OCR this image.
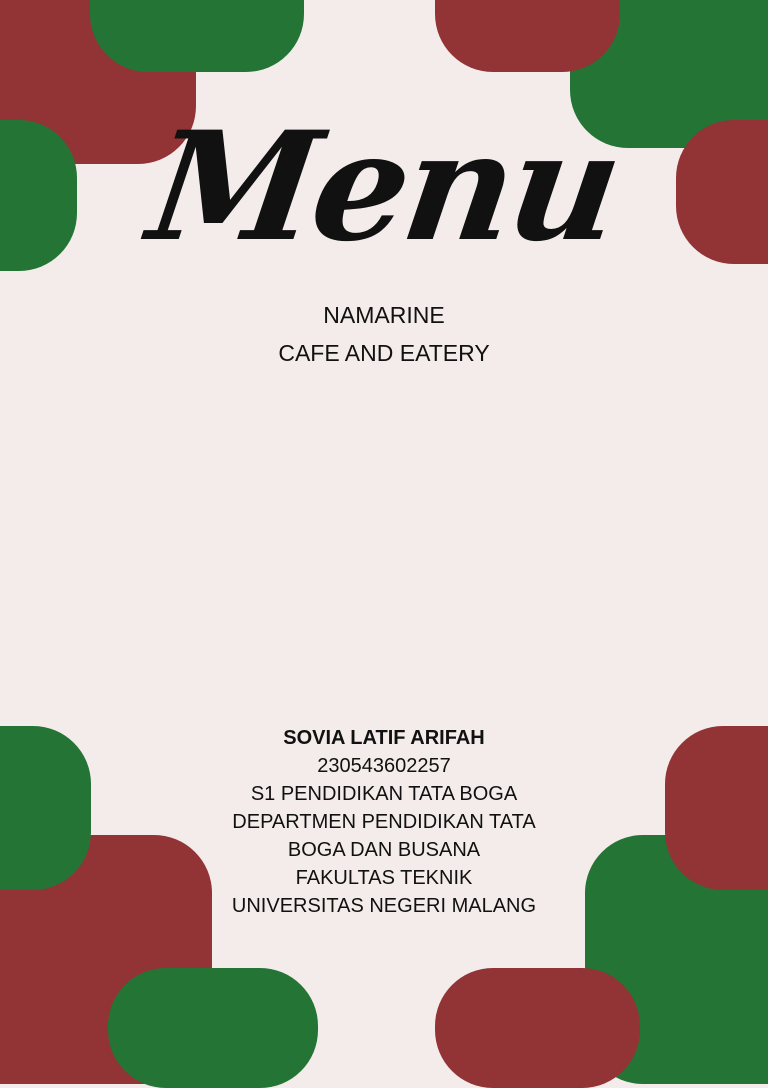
Menu
NAMARINE
CAFE AND EATERY
SOVIA LATIF ARIFAH
230543602257
S1 PENDIDIKAN TATA BOGA
DEPARTMEN PENDIDIKAN TATA
BOGA DAN BUSANA
FAKULTAS TEKNIK
UNIVERSITAS NEGERI MALANG
